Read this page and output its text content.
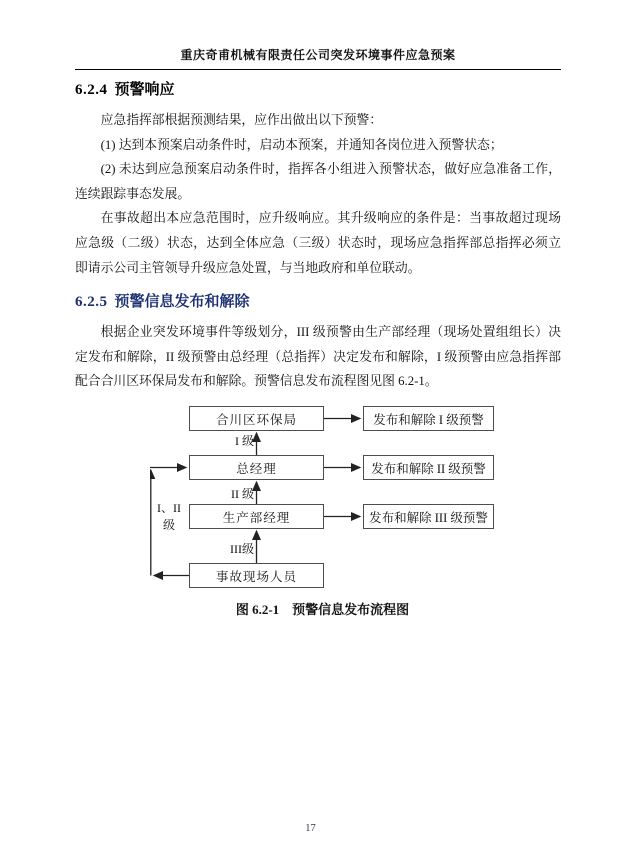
重庆奇甫机械有限责任公司突发环境事件应急预案
6.2.4 预警响应

应急指挥部根据预测结果，应作出做出以下预警：

(1) 达到本预案启动条件时，启动本预案，并通知各岗位进入预警状态；

(2) 未达到应急预案启动条件时，指挥各小组进入预警状态，做好应急准备工作，连续跟踪事态发展。

在事故超出本应急范围时，应升级响应。其升级响应的条件是：当事故超过现场应急级（二级）状态，达到全体应急（三级）状态时，现场应急指挥部总指挥必须立即请示公司主管领导升级应急处置，与当地政府和单位联动。

6.2.5 预警信息发布和解除

根据企业突发环境事件等级划分，III 级预警由生产部经理（现场处置组组长）决定发布和解除，II 级预警由总经理（总指挥）决定发布和解除，I 级预警由应急指挥部配合合川区环保局发布和解除。预警信息发布流程图见图 6.2-1。

合川区环保局
总经理
生产部经理
事故现场人员
发布和解除 I 级预警
发布和解除 II 级预警
发布和解除 III 级预警
I 级
II 级
III级
I、II 级
图 6.2-1　预警信息发布流程图
17
